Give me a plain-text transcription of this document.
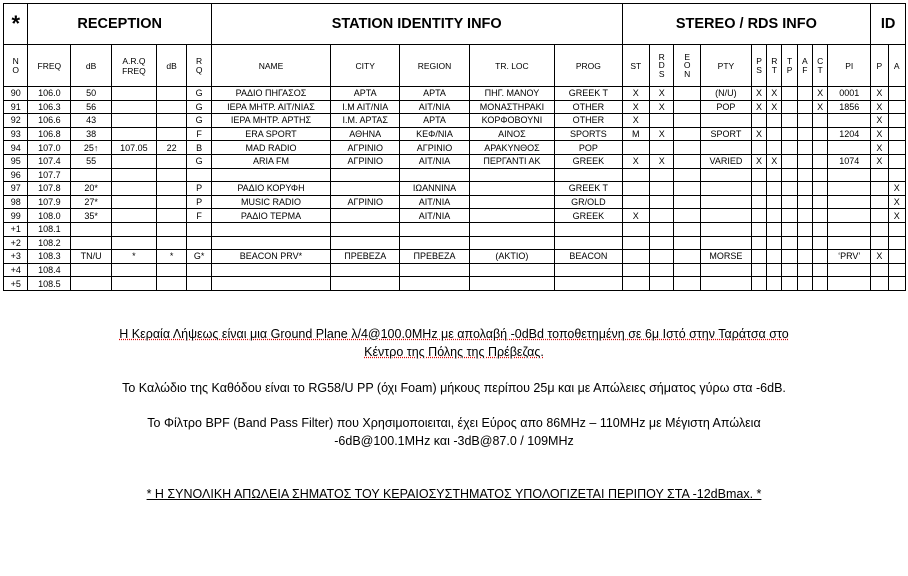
*	RECEPTION					STATION IDENTITY INFO					STEREO / RDS INFO										ID	
N O	FREQ	dB	A.R.Q FREQ	dB	R Q	NAME	CITY	REGION	TR. LOC	PROG	ST	R D S	E O N	PTY	P S	R T	T P	A F	C T	PI	P	A
90	106.0	50			G	ΡΑΔΙΟ ΠΗΓΑΣΟΣ	ΑΡΤΑ	ΑΡΤΑ	ΠΗΓ. ΜΑΝΟΥ	GREEK T	X	X		(N/U)	X	X			X	0001	X	
91	106.3	56			G	ΙΕΡΑ ΜΗΤΡ. ΑΙΤ/ΝΙΑΣ	Ι.Μ ΑΙΤ/ΝΙΑ	ΑΙΤ/ΝΙΑ	ΜΟΝΑΣΤΗΡΑΚΙ	OTHER	X	X		POP	X	X			X	1856	X	
92	106.6	43			G	ΙΕΡΑ ΜΗΤΡ. ΑΡΤΗΣ	Ι.Μ. ΑΡΤΑΣ	ΑΡΤΑ	ΚΟΡΦΟΒΟΥΝΙ	OTHER	X										X	
93	106.8	38			F	ERA SPORT	ΑΘΗΝΑ	ΚΕΦ/ΝΙΑ	ΑΙΝΟΣ	SPORTS	M	X		SPORT	X					1204	X	
94	107.0	25↑	107.05	22	B	MAD RADIO	ΑΓΡΙΝΙΟ	ΑΓΡΙΝΙΟ	ΑΡΑΚΥΝΘΟΣ	POP											X	
95	107.4	55			G	ARIA FM	ΑΓΡΙΝΙΟ	ΑΙΤ/ΝΙΑ	ΠΕΡΓΑΝΤΙ ΑΚ	GREEK	X	X		VARIED	X	X				1074	X	
96	107.7																					
97	107.8	20*			P	ΡΑΔΙΟ ΚΟΡΥΦΗ		ΙΩΑΝΝΙΝΑ		GREEK T												X
98	107.9	27*			P	MUSIC RADIO	ΑΓΡΙΝΙΟ	ΑΙΤ/ΝΙΑ		GR/OLD												X
99	108.0	35*			F	ΡΑΔΙΟ ΤΕΡΜΑ		ΑΙΤ/ΝΙΑ		GREEK	X											X
+1	108.1																					
+2	108.2																					
+3	108.3	TN/U	*	*	G*	BEACON PRV*	ΠΡΕΒΕΖΑ	ΠΡΕΒΕΖΑ	(ΑΚΤΙΟ)	BEACON				MORSE						‘PRV’	X	
+4	108.4																					
+5	108.5																					
Η Κεραία Λήψεως είναι μια Ground Plane λ/4@100.0MHz με απολαβή -0dBd τοποθετημένη σε 6μ Ιστό στην Ταράτσα στο
Κέντρο της Πόλης της Πρέβεζας.
Το Καλώδιο της Καθόδου είναι το RG58/U PP (όχι Foam) μήκους περίπου 25μ και με Απώλειες σήματος γύρω στα -6dB.
Το Φίλτρο BPF (Band Pass Filter) που Χρησιμοποιειται, έχει Εύρος απο 86MHz – 110MHz με Μέγιστη Απώλεια
-6dB@100.1MHz και -3dB@87.0 / 109MHz
* Η ΣΥΝΟΛΙΚΗ ΑΠΩΛΕΙΑ ΣΗΜΑΤΟΣ ΤΟΥ ΚΕΡΑΙΟΣΥΣΤΗΜΑΤΟΣ ΥΠΟΛΟΓΙΖΕΤΑΙ ΠΕΡΙΠΟΥ ΣΤΑ -12dBmax. *
